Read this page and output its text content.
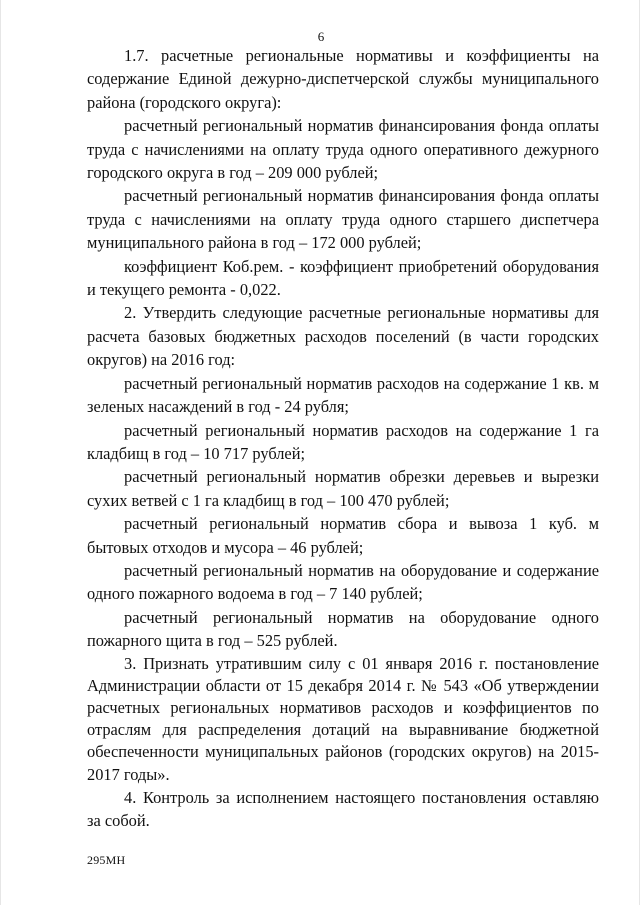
6

1.7. расчетные региональные нормативы и коэффициенты на содержание Единой дежурно-диспетчерской службы муниципального района (городского округа):

расчетный региональный норматив финансирования фонда оплаты труда с начислениями на оплату труда одного оперативного дежурного городского округа в год – 209 000 рублей;

расчетный региональный норматив финансирования фонда оплаты труда с начислениями на оплату труда одного старшего диспетчера муниципального района в год – 172 000 рублей;

коэффициент Коб.рем. - коэффициент приобретений оборудования и текущего ремонта - 0,022.

2. Утвердить следующие расчетные региональные нормативы для расчета базовых бюджетных расходов поселений (в части городских округов) на 2016 год:

расчетный региональный норматив расходов на содержание 1 кв. м зеленых насаждений в год - 24 рубля;

расчетный региональный норматив расходов на содержание 1 га кладбищ в год – 10 717 рублей;

расчетный региональный норматив обрезки деревьев и вырезки сухих ветвей с 1 га кладбищ в год – 100 470 рублей;

расчетный региональный норматив сбора и вывоза 1 куб. м бытовых отходов и мусора – 46 рублей;

расчетный региональный норматив на оборудование и содержание одного пожарного водоема в год – 7 140 рублей;

расчетный региональный норматив на оборудование одного пожарного щита в год – 525 рублей.

3. Признать утратившим силу с 01 января 2016 г. постановление Администрации области от 15 декабря 2014 г. № 543 «Об утверждении расчетных региональных нормативов расходов и коэффициентов по отраслям для распределения дотаций на выравнивание бюджетной обеспеченности муниципальных районов (городских округов) на 2015-2017 годы».

4. Контроль за исполнением настоящего постановления оставляю за собой.

295МН
